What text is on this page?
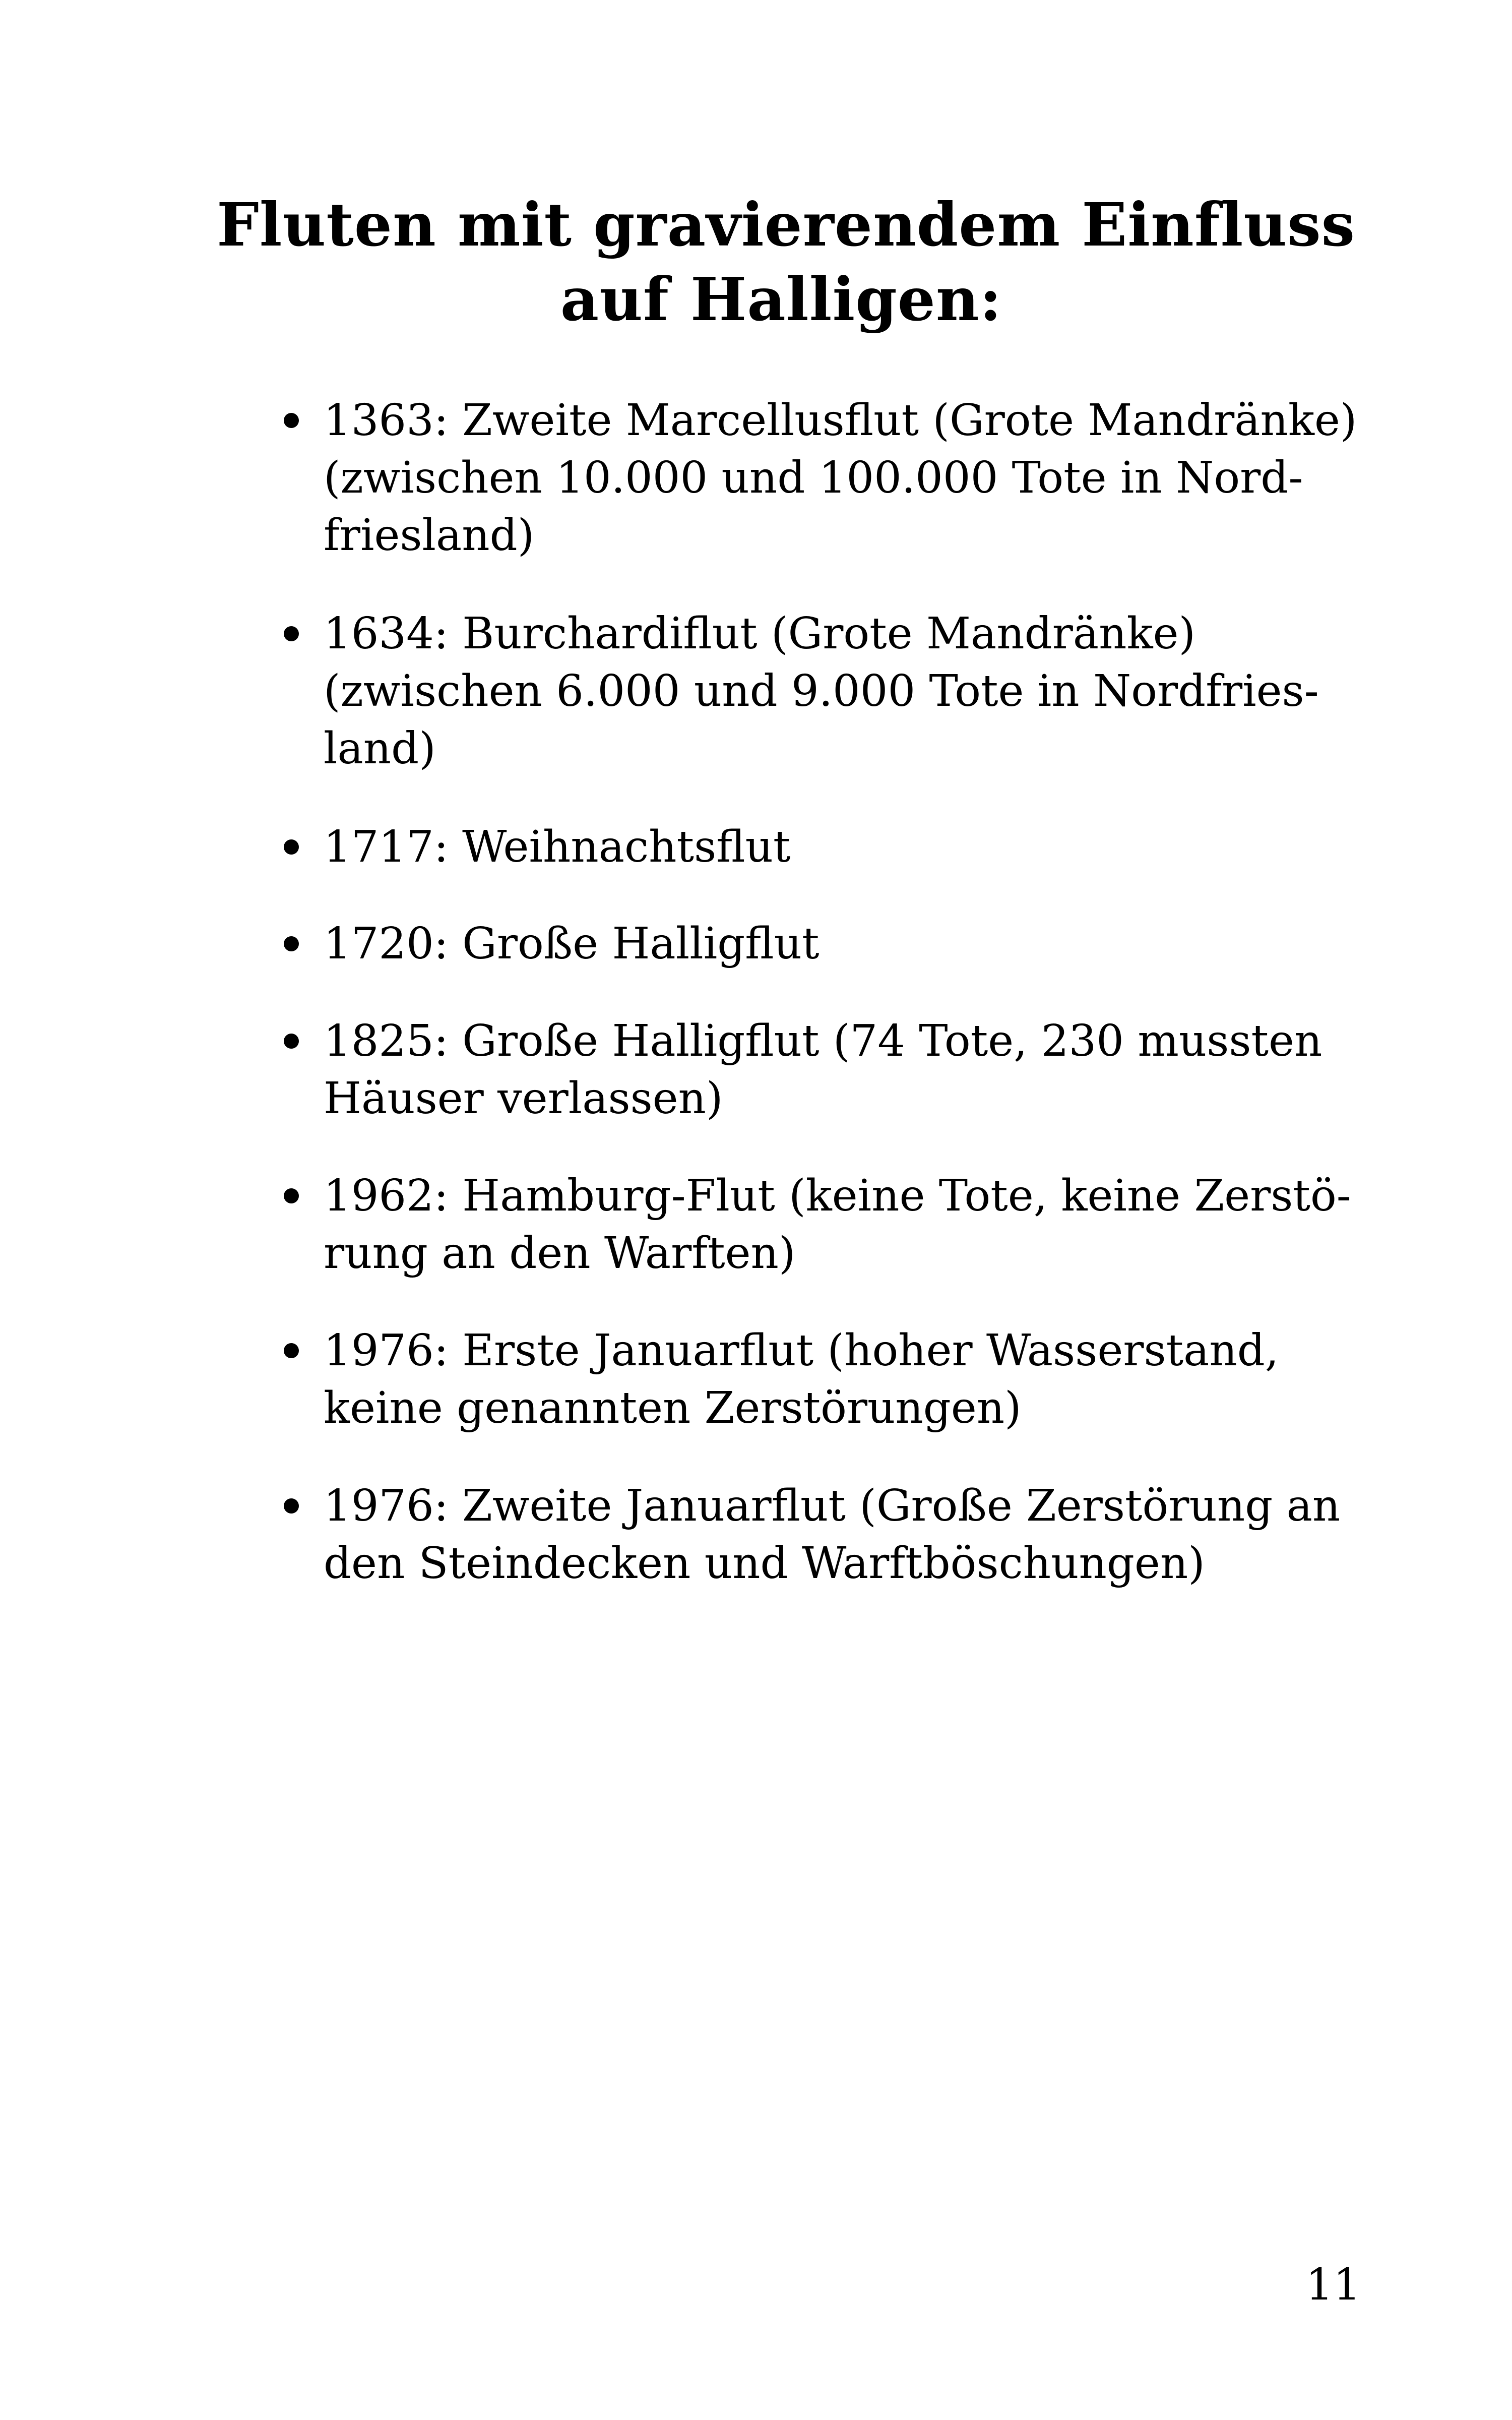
Fluten mit gravierendem Einfluss
auf Halligen:
1363: Zweite Marcellusflut (Grote Mandränke)
(zwischen 10.000 und 100.000 Tote in Nord-
friesland)
1634: Burchardiflut (Grote Mandränke)
(zwischen 6.000 und 9.000 Tote in Nordfries-
land)
1717: Weihnachtsflut
1720: Große Halligflut
1825: Große Halligflut (74 Tote, 230 mussten
Häuser verlassen)
1962: Hamburg-Flut (keine Tote, keine Zerstö-
rung an den Warften)
1976: Erste Januarflut (hoher Wasserstand,
keine genannten Zerstörungen)
1976: Zweite Januarflut (Große Zerstörung an
den Steindecken und Warftböschungen)
11
